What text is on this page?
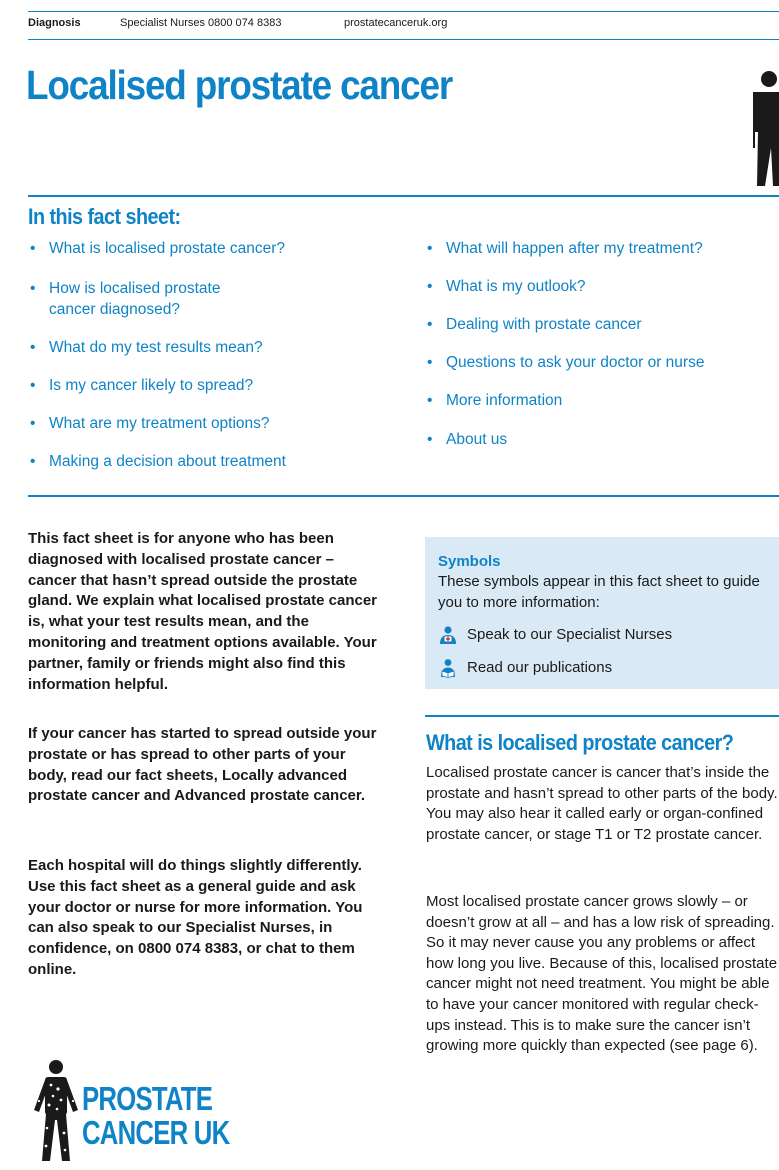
Diagnosis	Specialist Nurses 0800 074 8383	prostatecanceruk.org
Localised prostate cancer
In this fact sheet:
• What is localised prostate cancer?
• How is localised prostate
cancer diagnosed?
• What do my test results mean?
• Is my cancer likely to spread?
• What are my treatment options?
• Making a decision about treatment
• What will happen after my treatment?
• What is my outlook?
• Dealing with prostate cancer
• Questions to ask your doctor or nurse
• More information
• About us

This fact sheet is for anyone who has been diagnosed with localised prostate cancer – cancer that hasn’t spread outside the prostate gland. We explain what localised prostate cancer is, what your test results mean, and the monitoring and treatment options available. Your partner, family or friends might also find this information helpful.

If your cancer has started to spread outside your prostate or has spread to other parts of your body, read our fact sheets, Locally advanced prostate cancer and Advanced prostate cancer.

Each hospital will do things slightly differently. Use this fact sheet as a general guide and ask your doctor or nurse for more information. You can also speak to our Specialist Nurses, in confidence, on 0800 074 8383, or chat to them online.

Symbols

These symbols appear in this fact sheet to guide you to more information:

Speak to our Specialist Nurses
Read our publications
What is localised prostate cancer?

Localised prostate cancer is cancer that’s inside the prostate and hasn’t spread to other parts of the body. You may also hear it called early or organ-confined prostate cancer, or stage T1 or T2 prostate cancer.

Most localised prostate cancer grows slowly – or doesn’t grow at all – and has a low risk of spreading. So it may never cause you any problems or affect how long you live. Because of this, localised prostate cancer might not need treatment. You might be able to have your cancer monitored with regular check-ups instead. This is to make sure the cancer isn’t growing more quickly than expected (see page 6).

PROSTATE
CANCER UK
